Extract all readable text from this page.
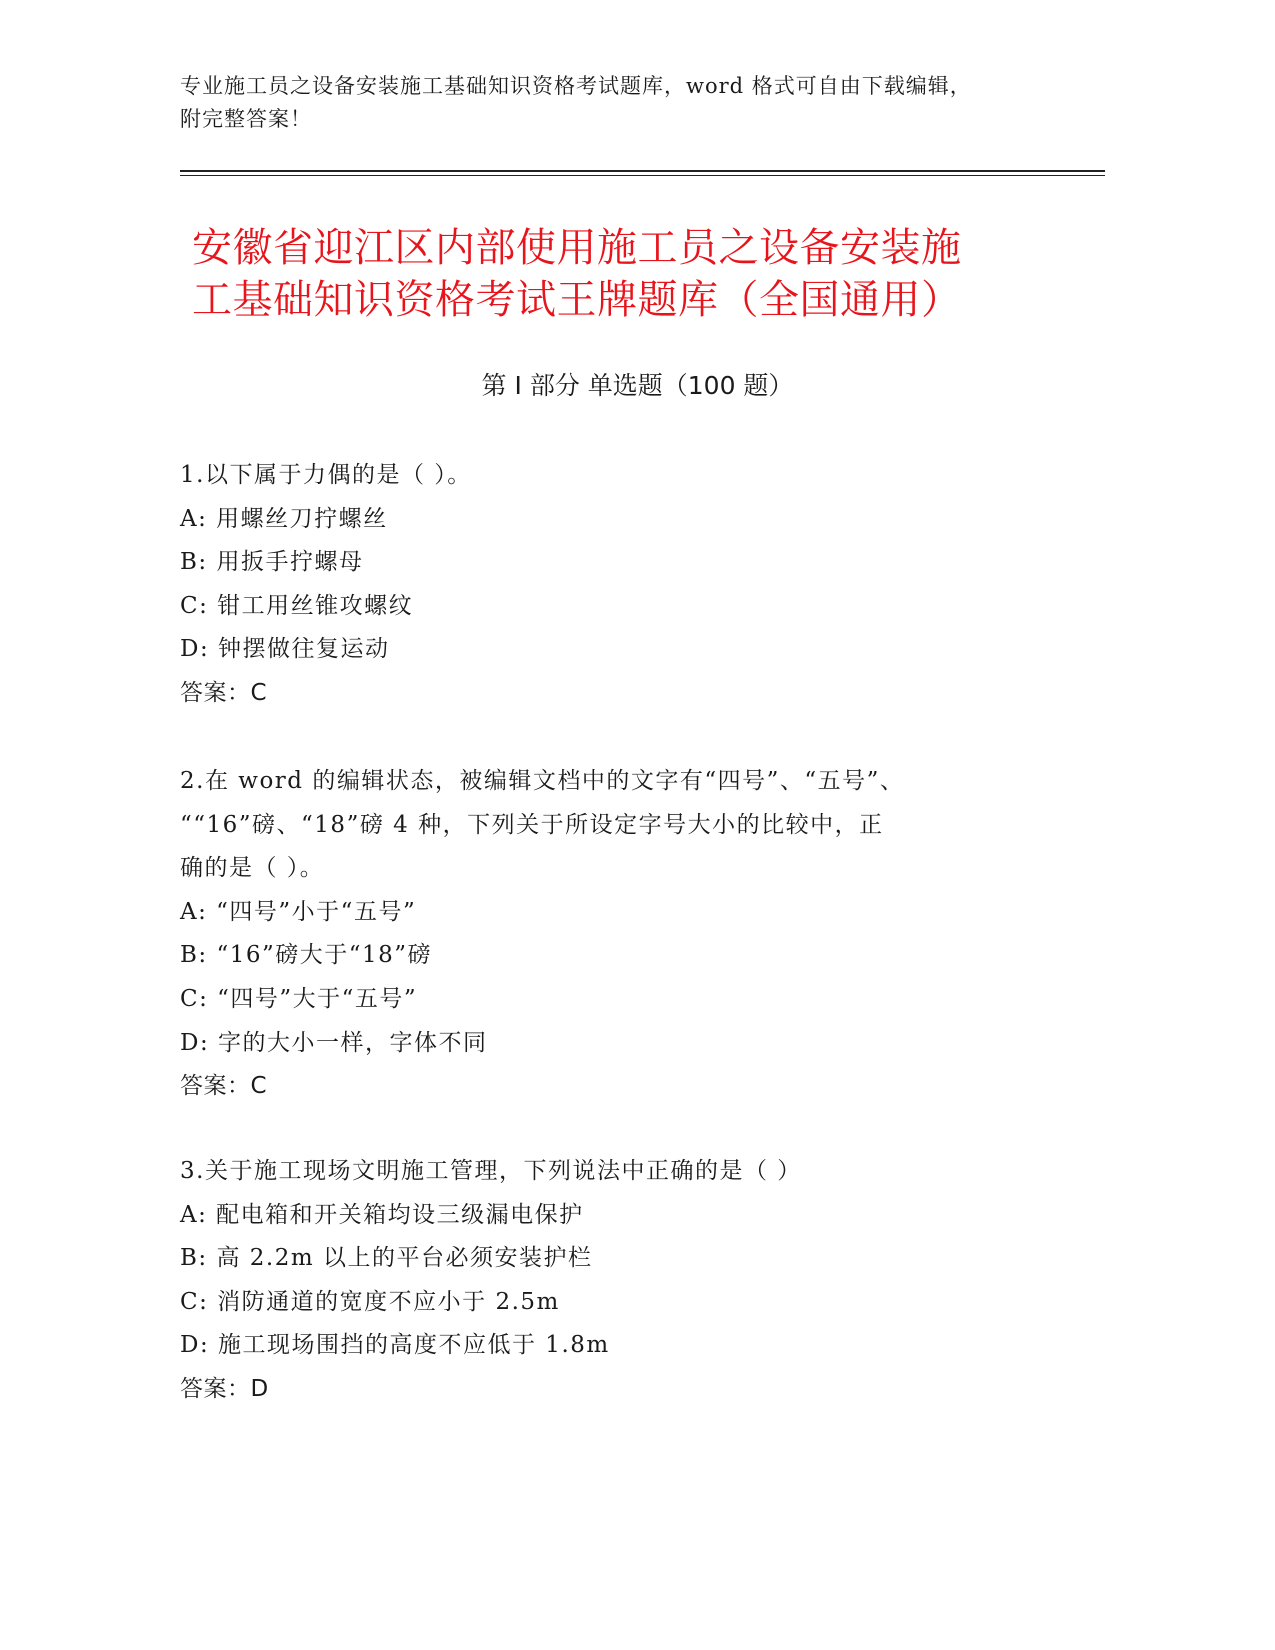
专业施工员之设备安装施工基础知识资格考试题库，word 格式可自由下载编辑，
附完整答案！
安徽省迎江区内部使用施工员之设备安装施
工基础知识资格考试王牌题库（全国通用）
第 I 部分 单选题（100 题）
1.以下属于力偶的是（ ）。
A: 用螺丝刀拧螺丝
B: 用扳手拧螺母
C: 钳工用丝锥攻螺纹
D: 钟摆做往复运动
答案：C
2.在 word 的编辑状态，被编辑文档中的文字有“四号”、“五号”、
““16”磅、“18”磅 4 种，下列关于所设定字号大小的比较中，正
确的是（ ）。
A: “四号”小于“五号”
B: “16”磅大于“18”磅
C: “四号”大于“五号”
D: 字的大小一样，字体不同
答案：C
3.关于施工现场文明施工管理，下列说法中正确的是（ ）
A: 配电箱和开关箱均设三级漏电保护
B: 高 2.2m 以上的平台必须安装护栏
C: 消防通道的宽度不应小于 2.5m
D: 施工现场围挡的高度不应低于 1.8m
答案：D
